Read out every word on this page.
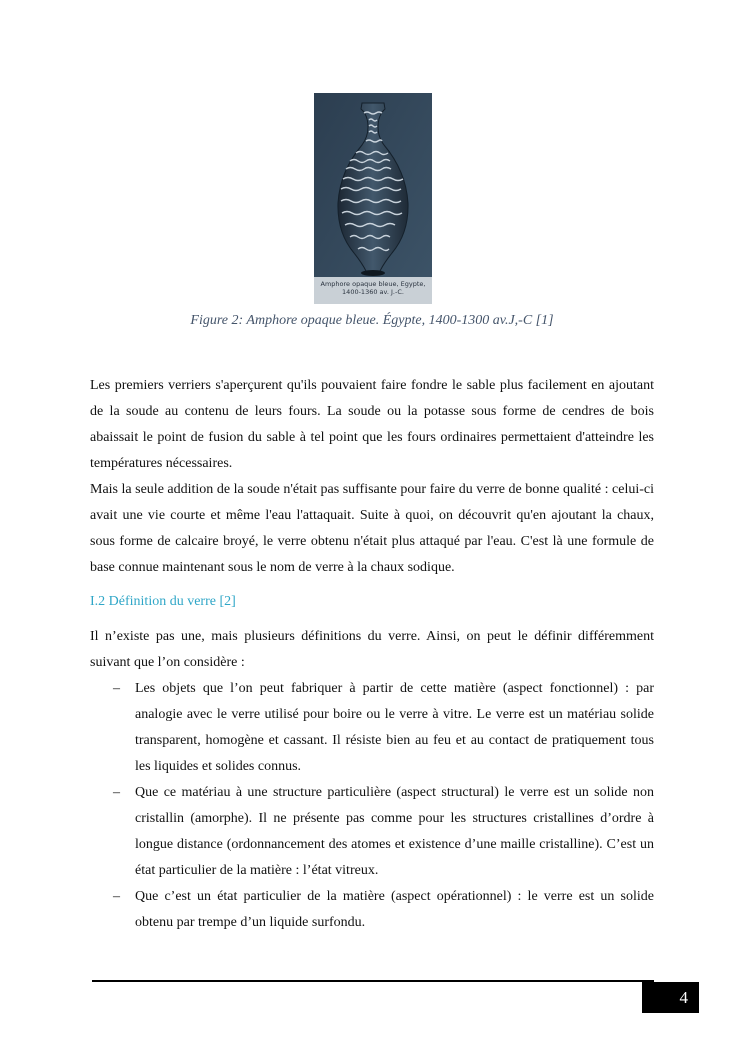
Amphore opaque bleue, Egypte,
1400-1360 av. J.-C.
Figure 2: Amphore opaque bleue. Égypte, 1400-1300 av.J,-C [1]

Les premiers verriers s'aperçurent qu'ils pouvaient faire fondre le sable plus facilement en ajoutant de la soude au contenu de leurs fours. La soude ou la potasse sous forme de cendres de bois abaissait le point de fusion du sable à tel point que les fours ordinaires permettaient d'atteindre les températures nécessaires.

Mais la seule addition de la soude n'était pas suffisante pour faire du verre de bonne qualité : celui-ci avait une vie courte et même l'eau l'attaquait. Suite à quoi, on découvrit qu'en ajoutant la chaux, sous forme de calcaire broyé, le verre obtenu n'était plus attaqué par l'eau. C'est là une formule de base connue maintenant sous le nom de verre à la chaux sodique.

I.2 Définition du verre [2]

Il n’existe pas une, mais plusieurs définitions du verre. Ainsi, on peut le définir différemment suivant que l’on considère :

– Les objets que l’on peut fabriquer à partir de cette matière (aspect fonctionnel) : par analogie avec le verre utilisé pour boire ou le verre à vitre. Le verre est un matériau solide transparent, homogène et cassant. Il résiste bien au feu et au contact de pratiquement tous les liquides et solides connus.
– Que ce matériau à une structure particulière (aspect structural) le verre est un solide non cristallin (amorphe). Il ne présente pas comme pour les structures cristallines d’ordre à longue distance (ordonnancement des atomes et existence d’une maille cristalline). C’est un état particulier de la matière : l’état vitreux.
– Que c’est un état particulier de la matière (aspect opérationnel) : le verre est un solide obtenu par trempe d’un liquide surfondu.
4
